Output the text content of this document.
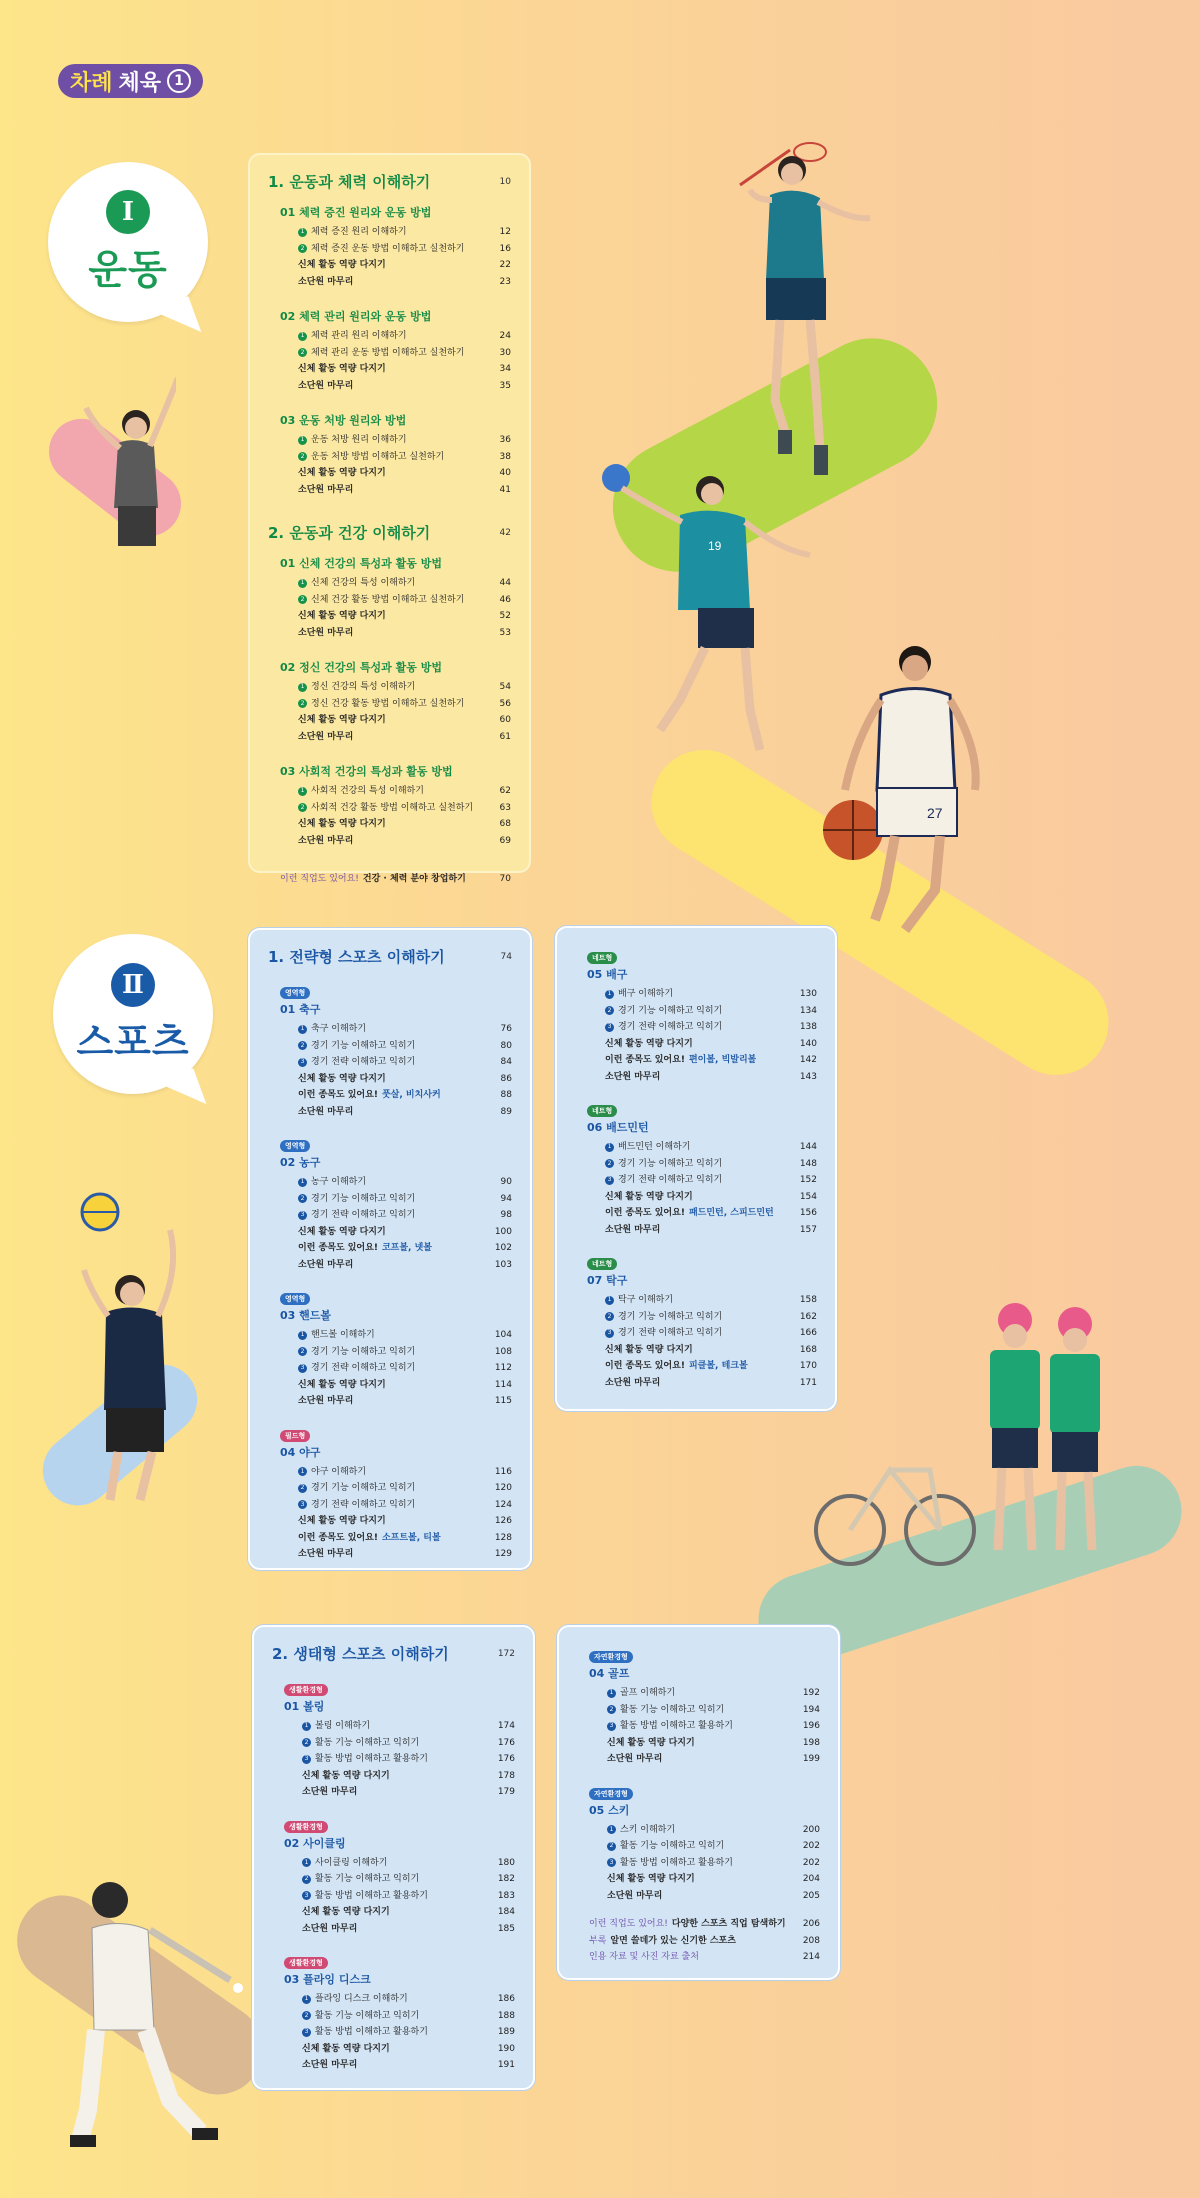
차례 체육 1
Ⅰ
운동
Ⅱ
스포츠
19
27
1. 운동과 체력 이해하기	10
01 체력 증진 원리와 운동 방법
1 체력 증진 원리 이해하기	12
2 체력 증진 운동 방법 이해하고 실천하기	16
신체 활동 역량 다지기	22
소단원 마무리	23
02 체력 관리 원리와 운동 방법
1 체력 관리 원리 이해하기	24
2 체력 관리 운동 방법 이해하고 실천하기	30
신체 활동 역량 다지기	34
소단원 마무리	35
03 운동 처방 원리와 방법
1 운동 처방 원리 이해하기	36
2 운동 처방 방법 이해하고 실천하기	38
신체 활동 역량 다지기	40
소단원 마무리	41
2. 운동과 건강 이해하기	42
01 신체 건강의 특성과 활동 방법
1 신체 건강의 특성 이해하기	44
2 신체 건강 활동 방법 이해하고 실천하기	46
신체 활동 역량 다지기	52
소단원 마무리	53
02 정신 건강의 특성과 활동 방법
1 정신 건강의 특성 이해하기	54
2 정신 건강 활동 방법 이해하고 실천하기	56
신체 활동 역량 다지기	60
소단원 마무리	61
03 사회적 건강의 특성과 활동 방법
1 사회적 건강의 특성 이해하기	62
2 사회적 건강 활동 방법 이해하고 실천하기	63
신체 활동 역량 다지기	68
소단원 마무리	69
이런 직업도 있어요! 건강 · 체력 분야 창업하기	70
1. 전략형 스포츠 이해하기	74
영역형
01 축구
1 축구 이해하기	76
2 경기 기능 이해하고 익히기	80
3 경기 전략 이해하고 익히기	84
신체 활동 역량 다지기	86
이런 종목도 있어요! 풋살, 비치사커	88
소단원 마무리	89
영역형
02 농구
1 농구 이해하기	90
2 경기 기능 이해하고 익히기	94
3 경기 전략 이해하고 익히기	98
신체 활동 역량 다지기	100
이런 종목도 있어요! 코프볼, 넷볼	102
소단원 마무리	103
영역형
03 핸드볼
1 핸드볼 이해하기	104
2 경기 기능 이해하고 익히기	108
3 경기 전략 이해하고 익히기	112
신체 활동 역량 다지기	114
소단원 마무리	115
필드형
04 야구
1 야구 이해하기	116
2 경기 기능 이해하고 익히기	120
3 경기 전략 이해하고 익히기	124
신체 활동 역량 다지기	126
이런 종목도 있어요! 소프트볼, 티볼	128
소단원 마무리	129
네트형
05 배구
1 배구 이해하기	130
2 경기 기능 이해하고 익히기	134
3 경기 전략 이해하고 익히기	138
신체 활동 역량 다지기	140
이런 종목도 있어요! 편이볼, 빅발리볼	142
소단원 마무리	143
네트형
06 배드민턴
1 배드민턴 이해하기	144
2 경기 기능 이해하고 익히기	148
3 경기 전략 이해하고 익히기	152
신체 활동 역량 다지기	154
이런 종목도 있어요! 패드민턴, 스피드민턴	156
소단원 마무리	157
네트형
07 탁구
1 탁구 이해하기	158
2 경기 기능 이해하고 익히기	162
3 경기 전략 이해하고 익히기	166
신체 활동 역량 다지기	168
이런 종목도 있어요! 피클볼, 테크볼	170
소단원 마무리	171
2. 생태형 스포츠 이해하기	172
생활환경형
01 볼링
1 볼링 이해하기	174
2 활동 기능 이해하고 익히기	176
3 활동 방법 이해하고 활용하기	176
신체 활동 역량 다지기	178
소단원 마무리	179
생활환경형
02 사이클링
1 사이클링 이해하기	180
2 활동 기능 이해하고 익히기	182
3 활동 방법 이해하고 활용하기	183
신체 활동 역량 다지기	184
소단원 마무리	185
생활환경형
03 플라잉 디스크
1 플라잉 디스크 이해하기	186
2 활동 기능 이해하고 익히기	188
3 활동 방법 이해하고 활용하기	189
신체 활동 역량 다지기	190
소단원 마무리	191
자연환경형
04 골프
1 골프 이해하기	192
2 활동 기능 이해하고 익히기	194
3 활동 방법 이해하고 활용하기	196
신체 활동 역량 다지기	198
소단원 마무리	199
자연환경형
05 스키
1 스키 이해하기	200
2 활동 기능 이해하고 익히기	202
3 활동 방법 이해하고 활용하기	202
신체 활동 역량 다지기	204
소단원 마무리	205
이런 직업도 있어요! 다양한 스포츠 직업 탐색하기 206
부록 알면 쓸데가 있는 신기한 스포츠	208
인용 자료 및 사진 자료 출처	214
